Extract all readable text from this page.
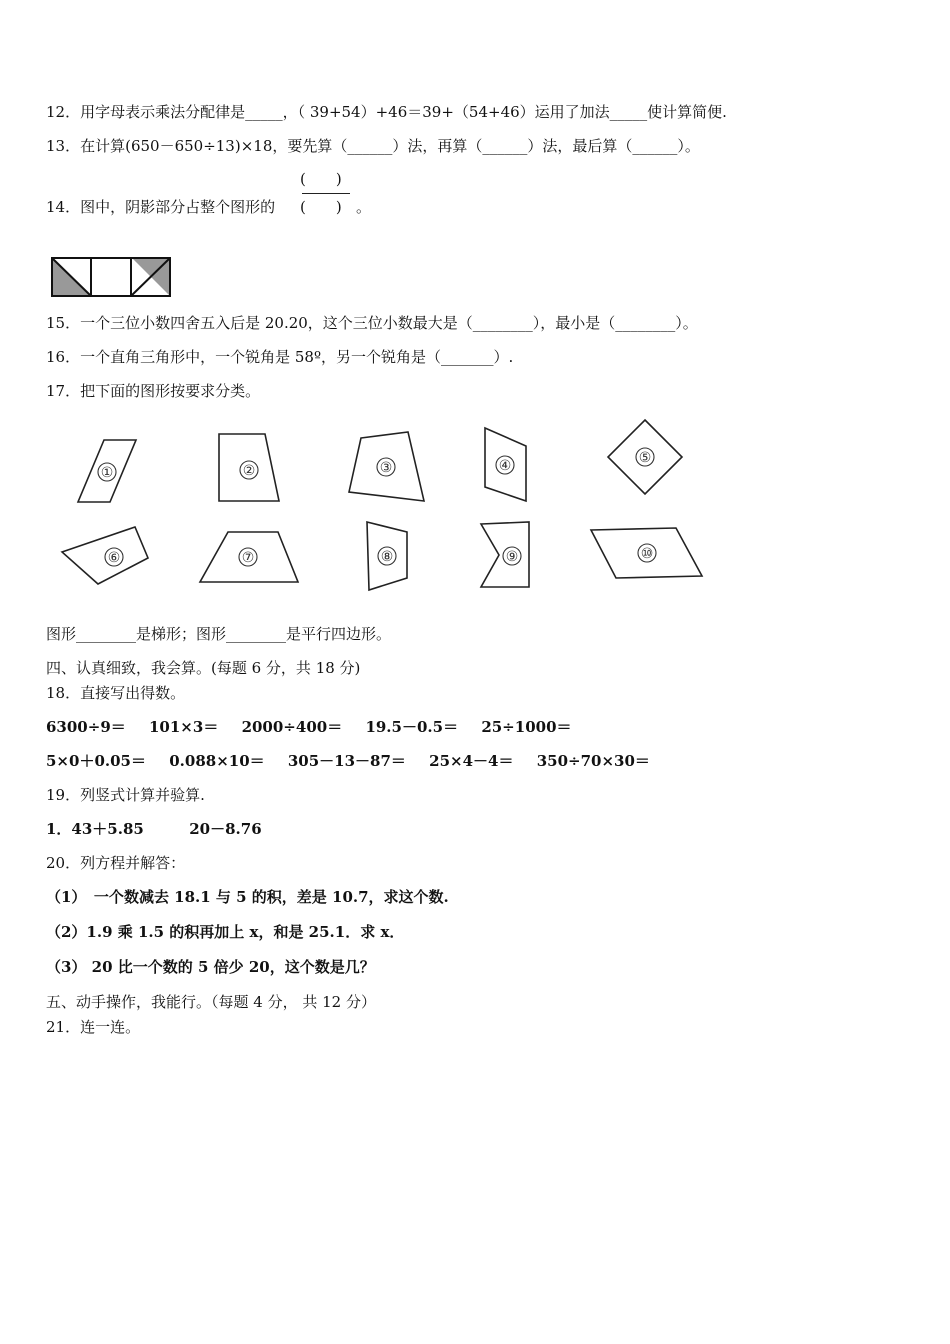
12．用字母表示乘法分配律是_____，（ 39+54）+46＝39+（54+46）运用了加法_____使计算简便.
13．在计算(650－650÷13)×18，要先算（______）法，再算（______）法，最后算（______）。
14．图中，阴影部分占整个图形的
(　　)
(　　) 。
15．一个三位小数四舍五入后是 20.20，这个三位小数最大是（________），最小是（________）。
16．一个直角三角形中，一个锐角是 58º，另一个锐角是（_______）.
17．把下面的图形按要求分类。
①	②	③	④	⑤
⑥	⑦	⑧	⑨	⑩
图形________是梯形；图形________是平行四边形。
四、认真细致，我会算。(每题 6 分，共 18 分)
18．直接写出得数。
6300÷9＝ 101×3＝ 2000÷400＝ 19.5－0.5＝ 25÷1000＝
5×0＋0.05＝ 0.088×10＝ 305－13－87＝ 25×4－4＝ 350÷70×30＝
19．列竖式计算并验算.
1．43＋5.85	20－8.76
20．列方程并解答：
（1）　一个数减去 18.1 与 5 的积，差是 10.7，求这个数.
（2）1.9 乘 1.5 的积再加上 x，和是 25.1．求 x．
（3） 20 比一个数的 5 倍少 20，这个数是几？
五、动手操作，我能行。（每题 4 分， 共 12 分）
21．连一连。
